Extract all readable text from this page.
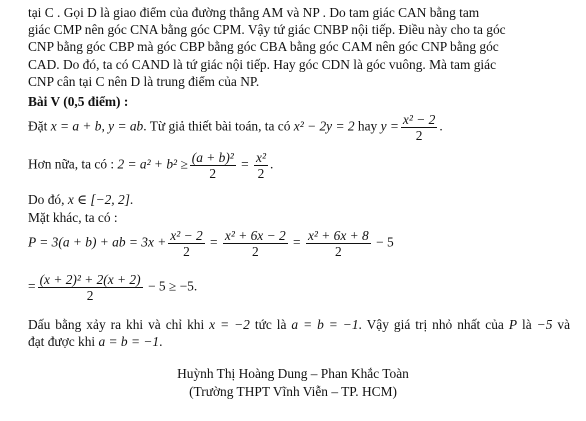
tại C . Gọi D là giao điểm của đường thẳng AM và NP . Do tam giác CAN bằng tam
giác CMP nên góc CNA bằng góc CPM. Vậy tứ giác CNBP nội tiếp. Điều này cho ta góc
CNP bằng góc CBP mà góc CBP bằng góc CBA bằng góc CAM nên góc CNP bằng góc
CAD. Do đó, ta có CAND là tứ giác nội tiếp. Hay góc CDN là góc vuông. Mà tam giác
CNP cân tại C nên D là trung điểm của NP.
Bài V (0,5 điểm) :
Đặt x = a + b, y = ab. Từ giả thiết bài toán, ta có x² − 2y = 2 hay $y = \frac{\text{x² − 2}}{2}$ .
Hơn nữa, ta có : $2 = a^2 + b^2 \ge \frac{\text{(a + b)²}}{2} = \frac{\text{x²}}{2}$ .
Do đó, x ∈ [−2, 2].
Mặt khác, ta có :
P = 3(a + b) + ab = $3x + \frac{\text{x² − 2}}{2} = \frac{\text{x² + 6x − 2}}{2} = \frac{\text{x² + 6x + 8}}{2} - 5$
= $\frac{\text{(x + 2)² + 2(x + 2)}}{2} - 5 \ge -5$.
Dấu bằng xảy ra khi và chỉ khi x = −2 tức là a = b = −1. Vậy giá trị nhỏ nhất của P là −5 và
đạt được khi a = b = −1.
Huỳnh Thị Hoàng Dung – Phan Khắc Toàn
(Trường THPT Vĩnh Viễn – TP. HCM)
